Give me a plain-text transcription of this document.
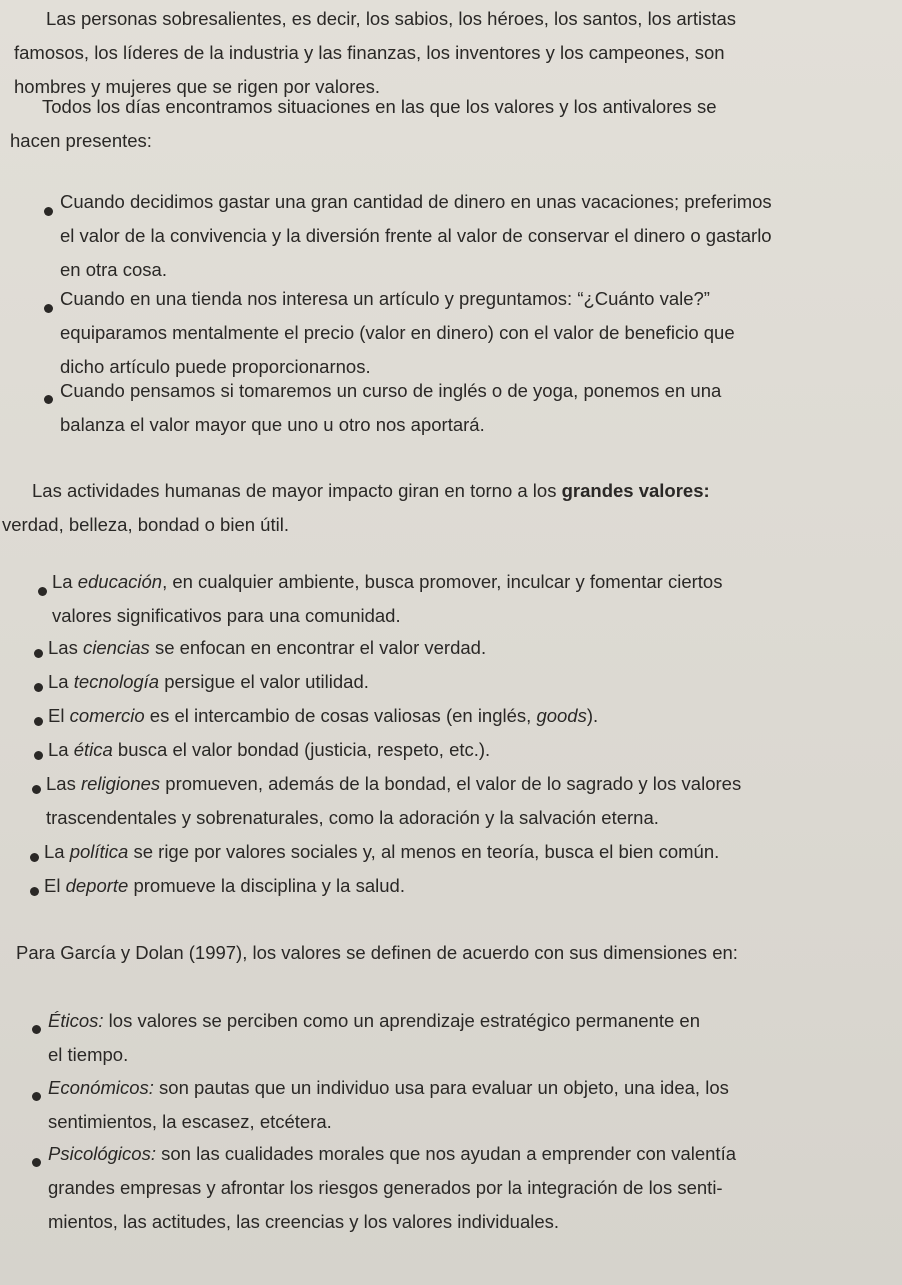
Las personas sobresalientes, es decir, los sabios, los héroes, los santos, los artistas
famosos, los líderes de la industria y las finanzas, los inventores y los campeones, son
hombres y mujeres que se rigen por valores.

Todos los días encontramos situaciones en las que los valores y los antivalores se
hacen presentes:

Cuando decidimos gastar una gran cantidad de dinero en unas vacaciones; preferimos
el valor de la convivencia y la diversión frente al valor de conservar el dinero o gastarlo
en otra cosa.

Cuando en una tienda nos interesa un artículo y preguntamos: “¿Cuánto vale?”
equiparamos mentalmente el precio (valor en dinero) con el valor de beneficio que
dicho artículo puede proporcionarnos.

Cuando pensamos si tomaremos un curso de inglés o de yoga, ponemos en una
balanza el valor mayor que uno u otro nos aportará.

Las actividades humanas de mayor impacto giran en torno a los grandes valores:
verdad, belleza, bondad o bien útil.

La educación, en cualquier ambiente, busca promover, inculcar y fomentar ciertos
valores significativos para una comunidad.

Las ciencias se enfocan en encontrar el valor verdad.

La tecnología persigue el valor utilidad.

El comercio es el intercambio de cosas valiosas (en inglés, goods).

La ética busca el valor bondad (justicia, respeto, etc.).

Las religiones promueven, además de la bondad, el valor de lo sagrado y los valores
trascendentales y sobrenaturales, como la adoración y la salvación eterna.

La política se rige por valores sociales y, al menos en teoría, busca el bien común.

El deporte promueve la disciplina y la salud.

Para García y Dolan (1997), los valores se definen de acuerdo con sus dimensiones en:

Éticos: los valores se perciben como un aprendizaje estratégico permanente en
el tiempo.

Económicos: son pautas que un individuo usa para evaluar un objeto, una idea, los
sentimientos, la escasez, etcétera.

Psicológicos: son las cualidades morales que nos ayudan a emprender con valentía
grandes empresas y afrontar los riesgos generados por la integración de los senti-
mientos, las actitudes, las creencias y los valores individuales.
